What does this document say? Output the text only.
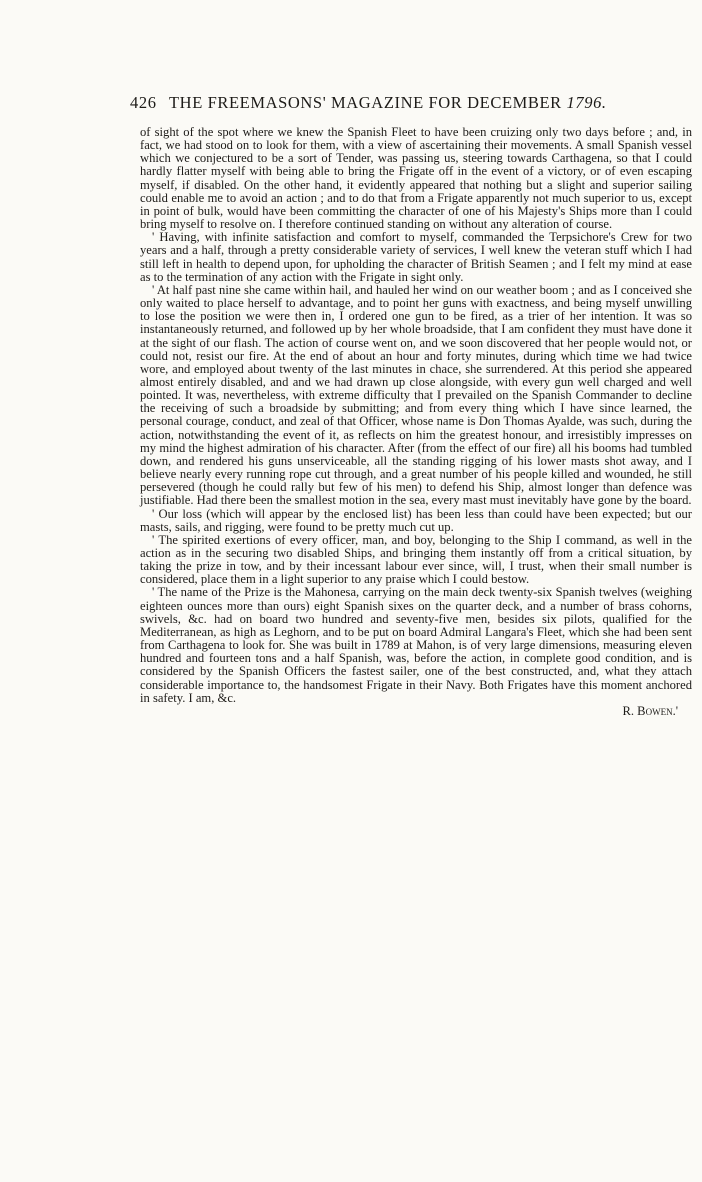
426 THE FREEMASONS' MAGAZINE FOR DECEMBER 1796.

of sight of the spot where we knew the Spanish Fleet to have been cruizing only two days before ; and, in fact, we had stood on to look for them, with a view of ascertaining their movements. A small Spanish vessel which we conjectured to be a sort of Tender, was passing us, steering towards Carthagena, so that I could hardly flatter myself with being able to bring the Frigate off in the event of a victory, or of even escaping myself, if disabled. On the other hand, it evidently appeared that nothing but a slight and superior sailing could enable me to avoid an action ; and to do that from a Frigate apparently not much superior to us, except in point of bulk, would have been committing the character of one of his Majesty's Ships more than I could bring myself to resolve on. I therefore continued standing on without any alteration of course.

' Having, with infinite satisfaction and comfort to myself, commanded the Terpsichore's Crew for two years and a half, through a pretty considerable variety of services, I well knew the veteran stuff which I had still left in health to depend upon, for upholding the character of British Seamen ; and I felt my mind at ease as to the termination of any action with the Frigate in sight only.

' At half past nine she came within hail, and hauled her wind on our weather boom ; and as I conceived she only waited to place herself to advantage, and to point her guns with exactness, and being myself unwilling to lose the position we were then in, I ordered one gun to be fired, as a trier of her intention. It was so instantaneously returned, and followed up by her whole broadside, that I am confident they must have done it at the sight of our flash. The action of course went on, and we soon discovered that her people would not, or could not, resist our fire. At the end of about an hour and forty minutes, during which time we had twice wore, and employed about twenty of the last minutes in chace, she surrendered. At this period she appeared almost entirely disabled, and and we had drawn up close alongside, with every gun well charged and well pointed. It was, nevertheless, with extreme difficulty that I prevailed on the Spanish Commander to decline the receiving of such a broadside by submitting; and from every thing which I have since learned, the personal courage, conduct, and zeal of that Officer, whose name is Don Thomas Ayalde, was such, during the action, notwithstanding the event of it, as reflects on him the greatest honour, and irresistibly impresses on my mind the highest admiration of his character. After (from the effect of our fire) all his booms had tumbled down, and rendered his guns unserviceable, all the standing rigging of his lower masts shot away, and I believe nearly every running rope cut through, and a great number of his people killed and wounded, he still persevered (though he could rally but few of his men) to defend his Ship, almost longer than defence was justifiable. Had there been the smallest motion in the sea, every mast must inevitably have gone by the board.

' Our loss (which will appear by the enclosed list) has been less than could have been expected; but our masts, sails, and rigging, were found to be pretty much cut up.

' The spirited exertions of every officer, man, and boy, belonging to the Ship I command, as well in the action as in the securing two disabled Ships, and bringing them instantly off from a critical situation, by taking the prize in tow, and by their incessant labour ever since, will, I trust, when their small number is considered, place them in a light superior to any praise which I could bestow.

' The name of the Prize is the Mahonesa, carrying on the main deck twenty-six Spanish twelves (weighing eighteen ounces more than ours) eight Spanish sixes on the quarter deck, and a number of brass cohorns, swivels, &c. had on board two hundred and seventy-five men, besides six pilots, qualified for the Mediterranean, as high as Leghorn, and to be put on board Admiral Langara's Fleet, which she had been sent from Carthagena to look for. She was built in 1789 at Mahon, is of very large dimensions, measuring eleven hundred and fourteen tons and a half Spanish, was, before the action, in complete good condition, and is considered by the Spanish Officers the fastest sailer, one of the best constructed, and, what they attach considerable importance to, the handsomest Frigate in their Navy. Both Frigates have this moment anchored in safety. I am, &c.

R. Bowen.'
